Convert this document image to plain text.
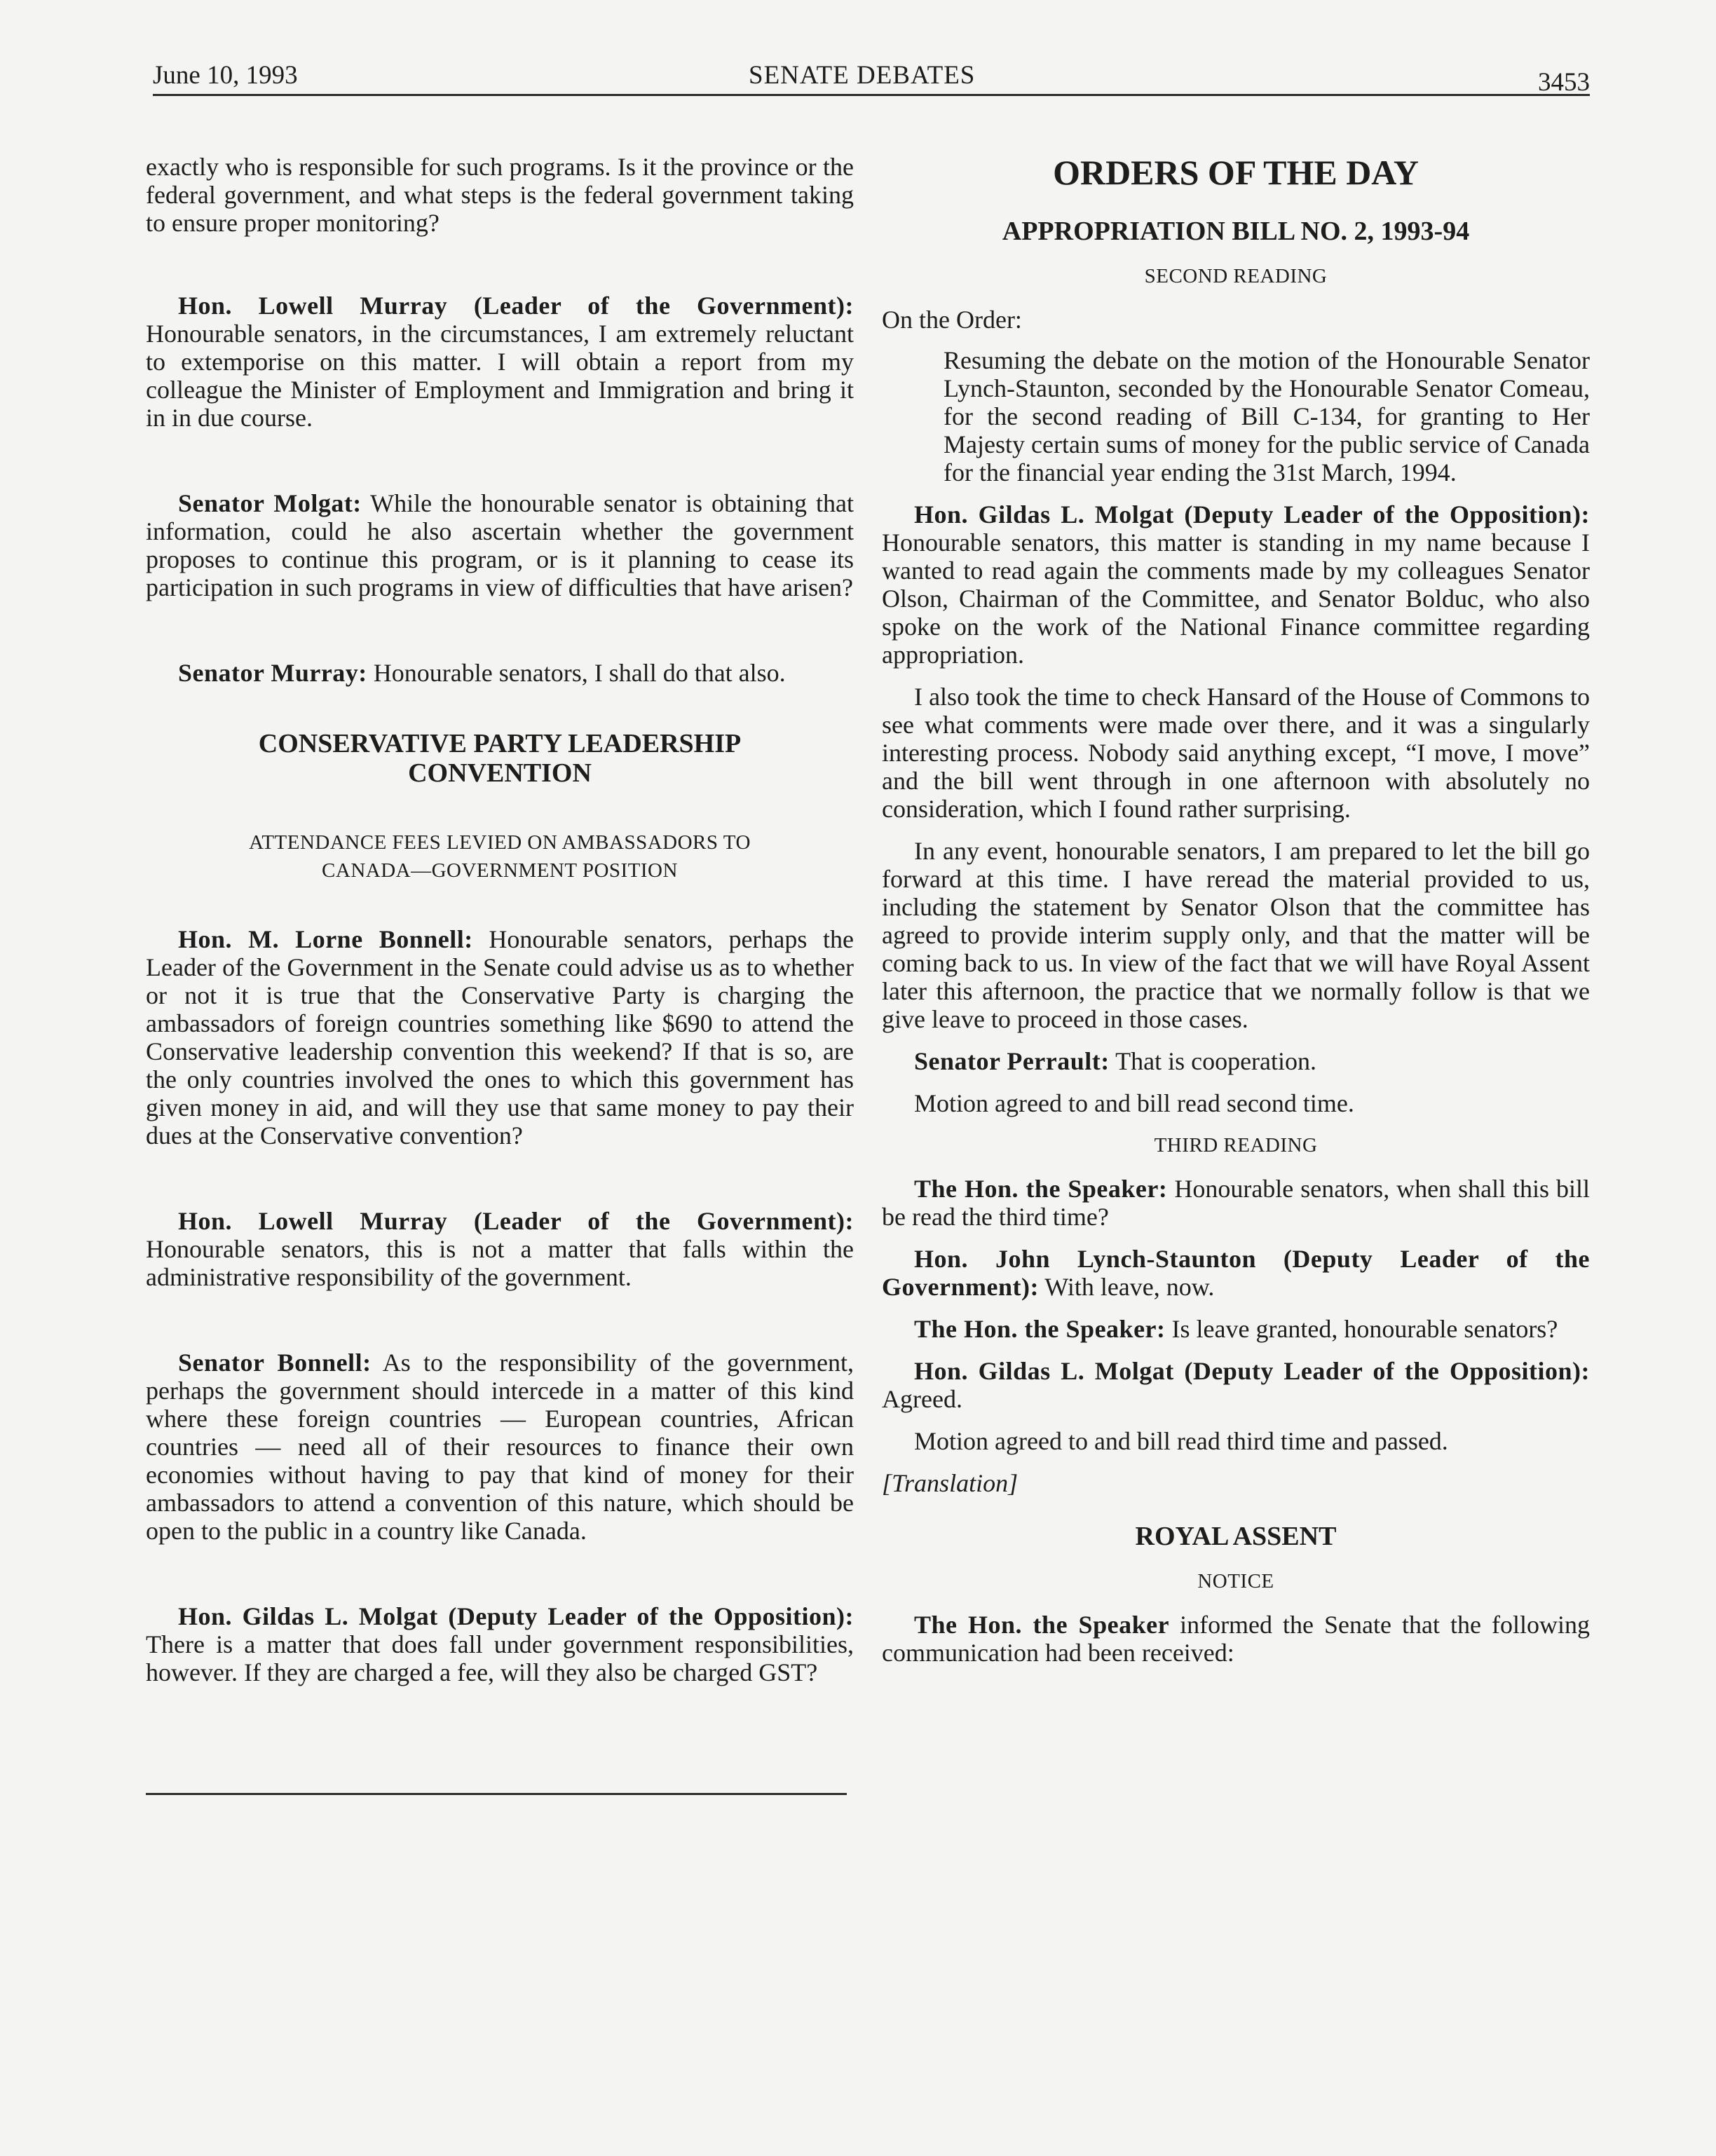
June 10, 1993	SENATE DEBATES	3453

exactly who is responsible for such programs. Is it the province or the federal government, and what steps is the federal government taking to ensure proper monitoring?

Hon. Lowell Murray (Leader of the Government): Honourable senators, in the circumstances, I am extremely reluctant to extemporise on this matter. I will obtain a report from my colleague the Minister of Employment and Immigration and bring it in in due course.

Senator Molgat: While the honourable senator is obtaining that information, could he also ascertain whether the government proposes to continue this program, or is it planning to cease its participation in such programs in view of difficulties that have arisen?

Senator Murray: Honourable senators, I shall do that also.

CONSERVATIVE PARTY LEADERSHIP CONVENTION
ATTENDANCE FEES LEVIED ON AMBASSADORS TO CANADA—GOVERNMENT POSITION

Hon. M. Lorne Bonnell: Honourable senators, perhaps the Leader of the Government in the Senate could advise us as to whether or not it is true that the Conservative Party is charging the ambassadors of foreign countries something like $690 to attend the Conservative leadership convention this weekend? If that is so, are the only countries involved the ones to which this government has given money in aid, and will they use that same money to pay their dues at the Conservative convention?

Hon. Lowell Murray (Leader of the Government): Honourable senators, this is not a matter that falls within the administrative responsibility of the government.

Senator Bonnell: As to the responsibility of the government, perhaps the government should intercede in a matter of this kind where these foreign countries — European countries, African countries — need all of their resources to finance their own economies without having to pay that kind of money for their ambassadors to attend a convention of this nature, which should be open to the public in a country like Canada.

Hon. Gildas L. Molgat (Deputy Leader of the Opposition): There is a matter that does fall under government responsibilities, however. If they are charged a fee, will they also be charged GST?

ORDERS OF THE DAY
APPROPRIATION BILL NO. 2, 1993-94
SECOND READING

On the Order:

Resuming the debate on the motion of the Honourable Senator Lynch-Staunton, seconded by the Honourable Senator Comeau, for the second reading of Bill C-134, for granting to Her Majesty certain sums of money for the public service of Canada for the financial year ending the 31st March, 1994.

Hon. Gildas L. Molgat (Deputy Leader of the Opposition): Honourable senators, this matter is standing in my name because I wanted to read again the comments made by my colleagues Senator Olson, Chairman of the Committee, and Senator Bolduc, who also spoke on the work of the National Finance committee regarding appropriation.

I also took the time to check Hansard of the House of Commons to see what comments were made over there, and it was a singularly interesting process. Nobody said anything except, “I move, I move” and the bill went through in one afternoon with absolutely no consideration, which I found rather surprising.

In any event, honourable senators, I am prepared to let the bill go forward at this time. I have reread the material provided to us, including the statement by Senator Olson that the committee has agreed to provide interim supply only, and that the matter will be coming back to us. In view of the fact that we will have Royal Assent later this afternoon, the practice that we normally follow is that we give leave to proceed in those cases.

Senator Perrault: That is cooperation.

Motion agreed to and bill read second time.

THIRD READING

The Hon. the Speaker: Honourable senators, when shall this bill be read the third time?

Hon. John Lynch-Staunton (Deputy Leader of the Government): With leave, now.

The Hon. the Speaker: Is leave granted, honourable senators?

Hon. Gildas L. Molgat (Deputy Leader of the Opposition): Agreed.

Motion agreed to and bill read third time and passed.

[Translation]

ROYAL ASSENT
NOTICE

The Hon. the Speaker informed the Senate that the following communication had been received:
